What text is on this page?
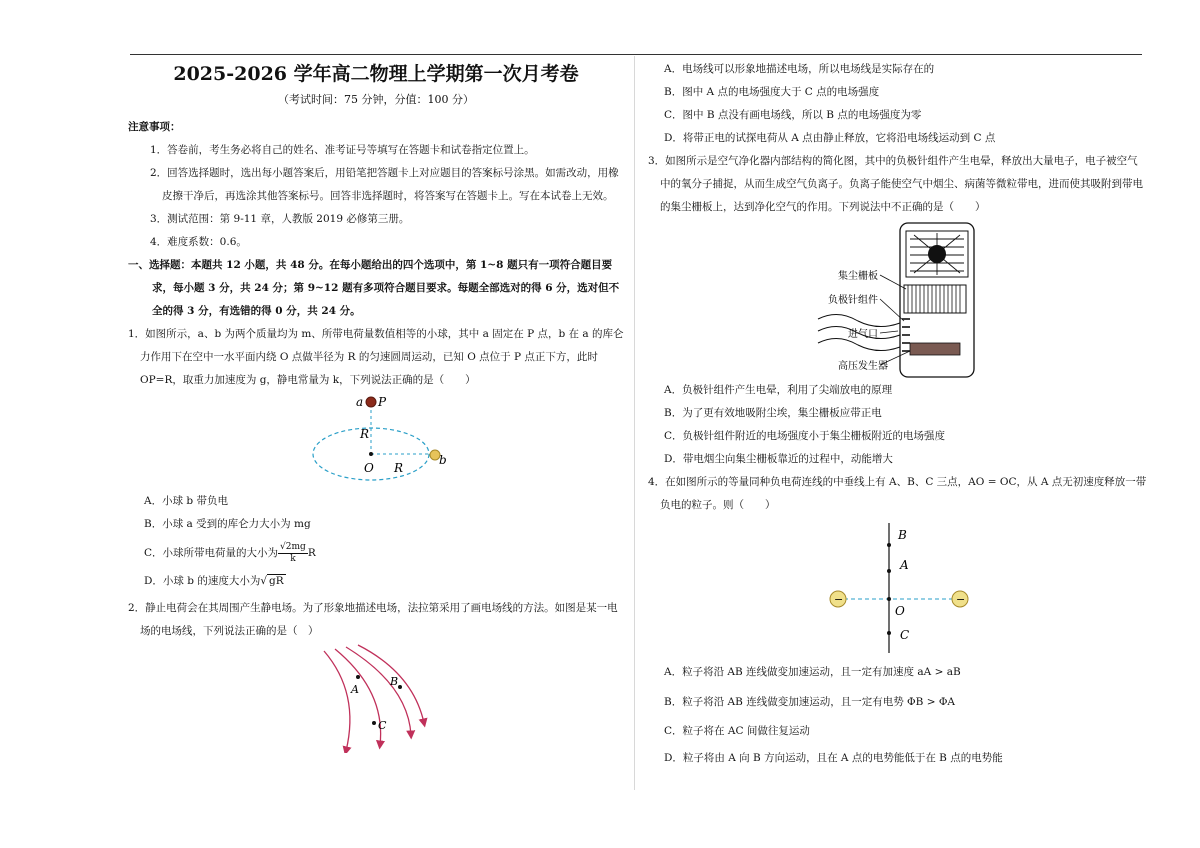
2025-2026 学年高二物理上学期第一次月考卷
（考试时间：75 分钟，分值：100 分）
注意事项：
1．答卷前，考生务必将自己的姓名、准考证号等填写在答题卡和试卷指定位置上。
2．回答选择题时，选出每小题答案后，用铅笔把答题卡上对应题目的答案标号涂黑。如需改动，用橡皮擦干净后，再选涂其他答案标号。回答非选择题时，将答案写在答题卡上。写在本试卷上无效。
3．测试范围：第 9-11 章，人教版 2019 必修第三册。
4．难度系数：0.6。
一、选择题：本题共 12 小题，共 48 分。在每小题给出的四个选项中，第 1~8 题只有一项符合题目要求，每小题 3 分，共 24 分；第 9~12 题有多项符合题目要求。每题全部选对的得 6 分，选对但不全的得 3 分，有选错的得 0 分，共 24 分。
1．如图所示，a、b 为两个质量均为 m、所带电荷量数值相等的小球，其中 a 固定在 P 点，b 在 a 的库仑力作用下在空中一水平面内绕 O 点做半径为 R 的匀速圆周运动，已知 O 点位于 P 点正下方，此时 OP=R，取重力加速度为 g，静电常量为 k，下列说法正确的是（　　）
a P
R
O R
b
A．小球 b 带负电
B．小球 a 受到的库仑力大小为 mg
C．小球所带电荷量的大小为 $\frac{√2mg}{k}$ R
D．小球 b 的速度大小为√ gR
2．静止电荷会在其周围产生静电场。为了形象地描述电场，法拉第采用了画电场线的方法。如图是某一电场的电场线，下列说法正确的是（　）
A
B
C
A．电场线可以形象地描述电场，所以电场线是实际存在的
B．图中 A 点的电场强度大于 C 点的电场强度
C．图中 B 点没有画电场线，所以 B 点的电场强度为零
D．将带正电的试探电荷从 A 点由静止释放，它将沿电场线运动到 C 点
3．如图所示是空气净化器内部结构的简化图，其中的负极针组件产生电晕，释放出大量电子，电子被空气中的氧分子捕捉，从而生成空气负离子。负离子能使空气中烟尘、病菌等微粒带电，进而使其吸附到带电的集尘栅板上，达到净化空气的作用。下列说法中不正确的是（　　）
集尘栅板
负极针组件
进气口
高压发生器
A．负极针组件产生电晕，利用了尖端放电的原理
B．为了更有效地吸附尘埃，集尘栅板应带正电
C．负极针组件附近的电场强度小于集尘栅板附近的电场强度
D．带电烟尘向集尘栅板靠近的过程中，动能增大
4．在如图所示的等量同种负电荷连线的中垂线上有 A、B、C 三点，AO = OC，从 A 点无初速度释放一带负电的粒子。则（　　）
−	−
B
A
O
C
A．粒子将沿 AB 连线做变加速运动，且一定有加速度 aA > aB
B．粒子将沿 AB 连线做变加速运动，且一定有电势 ΦB > ΦA
C．粒子将在 AC 间做往复运动
D．粒子将由 A 向 B 方向运动，且在 A 点的电势能低于在 B 点的电势能
